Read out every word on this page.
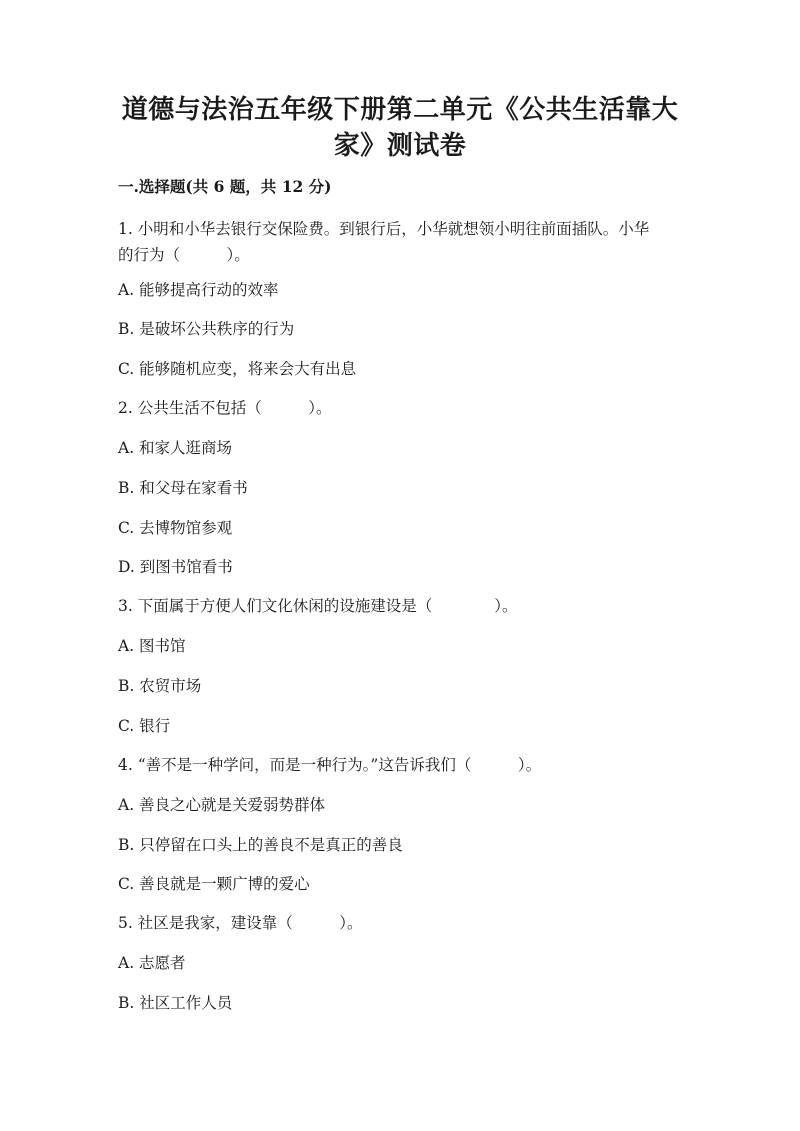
道德与法治五年级下册第二单元《公共生活靠大
家》测试卷
一.选择题(共 6 题，共 12 分)
1. 小明和小华去银行交保险费。到银行后，小华就想领小明往前面插队。小华
的行为（　　　）。
A. 能够提高行动的效率
B. 是破坏公共秩序的行为
C. 能够随机应变，将来会大有出息
2. 公共生活不包括（　　　）。
A. 和家人逛商场
B. 和父母在家看书
C. 去博物馆参观
D. 到图书馆看书
3. 下面属于方便人们文化休闲的设施建设是（　　　　）。
A. 图书馆
B. 农贸市场
C. 银行
4. “善不是一种学问，而是一种行为。”这告诉我们（　　　）。
A. 善良之心就是关爱弱势群体
B. 只停留在口头上的善良不是真正的善良
C. 善良就是一颗广博的爱心
5. 社区是我家，建设靠（　　　）。
A. 志愿者
B. 社区工作人员
